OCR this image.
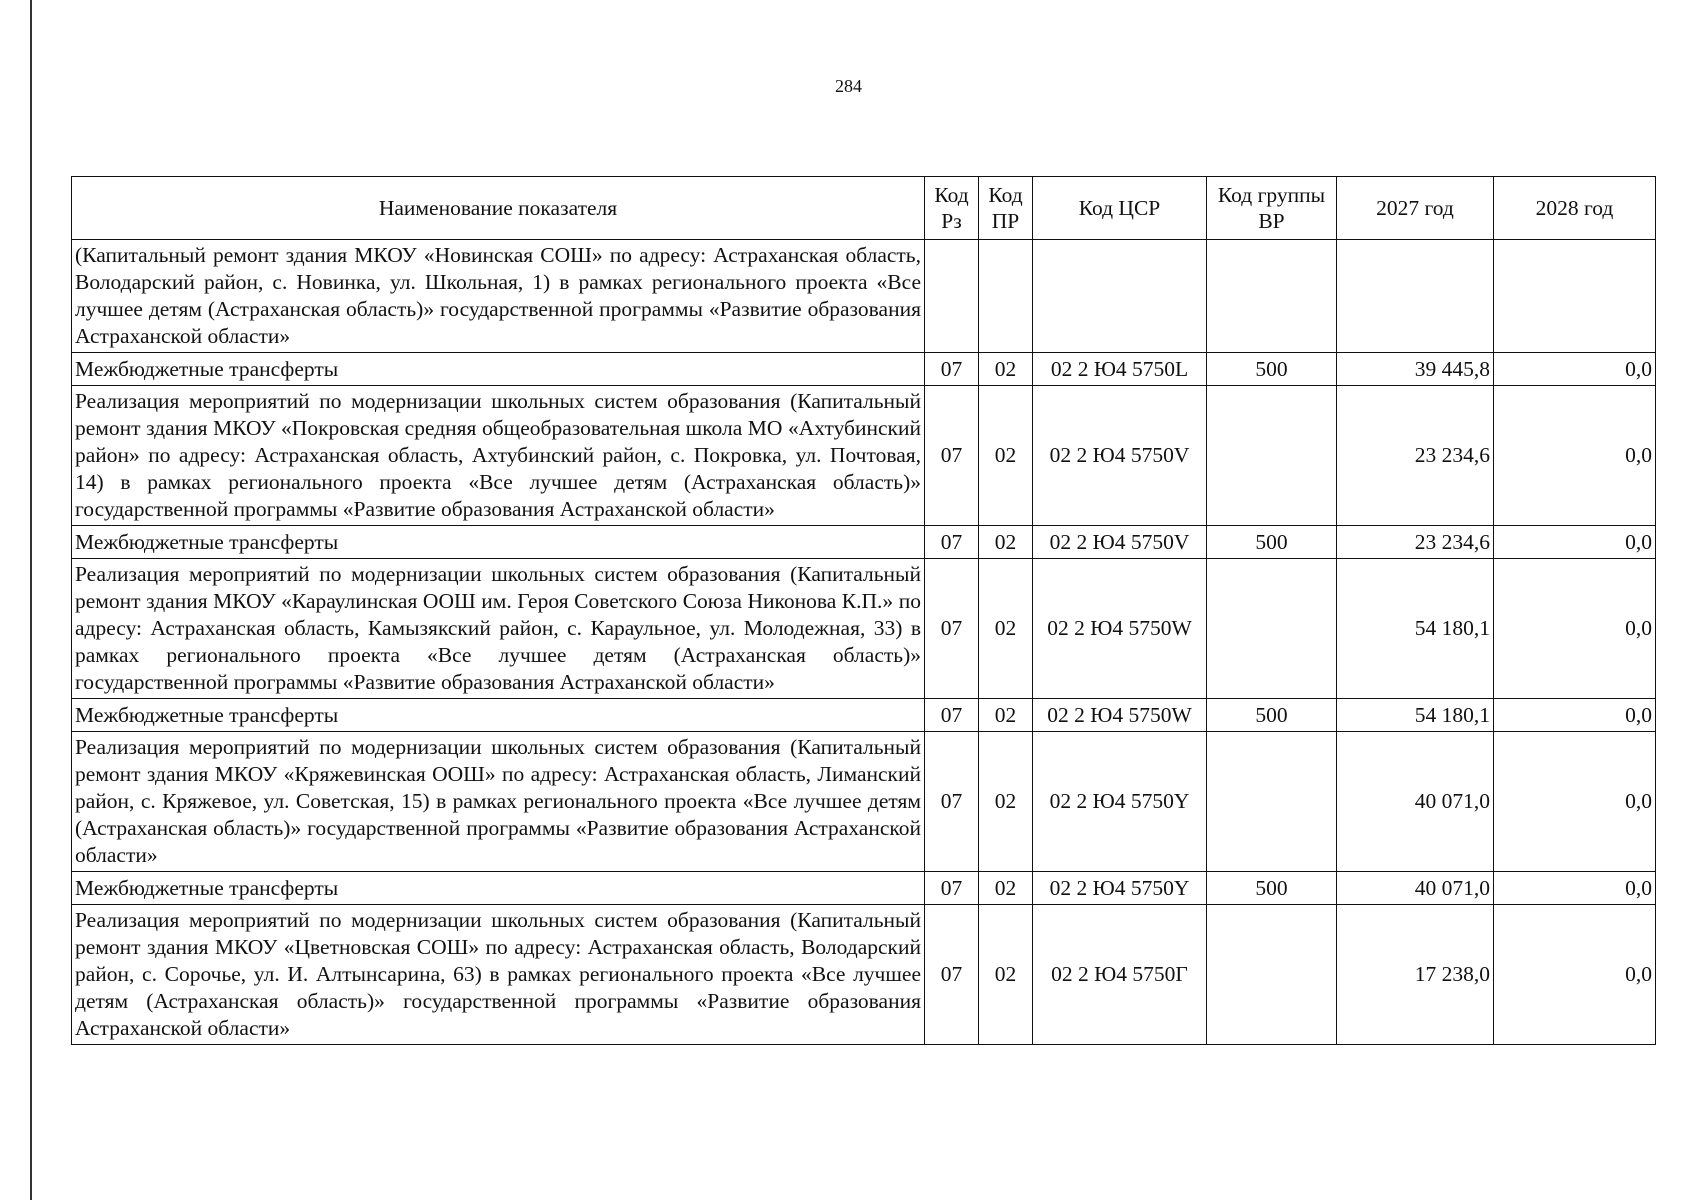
284
Наименование показателя	Код Рз	Код ПР	Код ЦСР	Код группы ВР	2027 год	2028 год
(Капитальный ремонт здания МКОУ «Новинская СОШ» по адресу: Астраханская область, Володарский район, с. Новинка, ул. Школьная, 1) в рамках регионального проекта «Все лучшее детям (Астраханская область)» государственной программы «Развитие образования Астраханской области»						
Межбюджетные трансферты	07	02	02 2 Ю4 5750L	500	39 445,8	0,0
Реализация мероприятий по модернизации школьных систем образования (Капитальный ремонт здания МКОУ «Покровская средняя общеобразовательная школа МО «Ахтубинский район» по адресу: Астраханская область, Ахтубинский район, с. Покровка, ул. Почтовая, 14) в рамках регионального проекта «Все лучшее детям (Астраханская область)» государственной программы «Развитие образования Астраханской области»	07	02	02 2 Ю4 5750V		23 234,6	0,0
Межбюджетные трансферты	07	02	02 2 Ю4 5750V	500	23 234,6	0,0
Реализация мероприятий по модернизации школьных систем образования (Капитальный ремонт здания МКОУ «Караулинская ООШ им. Героя Советского Союза Никонова К.П.» по адресу: Астраханская область, Камызякский район, с. Караульное, ул. Молодежная, 33) в рамках регионального проекта «Все лучшее детям (Астраханская область)» государственной программы «Развитие образования Астраханской области»	07	02	02 2 Ю4 5750W		54 180,1	0,0
Межбюджетные трансферты	07	02	02 2 Ю4 5750W	500	54 180,1	0,0
Реализация мероприятий по модернизации школьных систем образования (Капитальный ремонт здания МКОУ «Кряжевинская ООШ» по адресу: Астраханская область, Лиманский район, с. Кряжевое, ул. Советская, 15) в рамках регионального проекта «Все лучшее детям (Астраханская область)» государственной программы «Развитие образования Астраханской области»	07	02	02 2 Ю4 5750Y		40 071,0	0,0
Межбюджетные трансферты	07	02	02 2 Ю4 5750Y	500	40 071,0	0,0
Реализация мероприятий по модернизации школьных систем образования (Капитальный ремонт здания МКОУ «Цветновская СОШ» по адресу: Астраханская область, Володарский район, с. Сорочье, ул. И. Алтынсарина, 63) в рамках регионального проекта «Все лучшее детям (Астраханская область)» государственной программы «Развитие образования Астраханской области»	07	02	02 2 Ю4 5750Г		17 238,0	0,0
